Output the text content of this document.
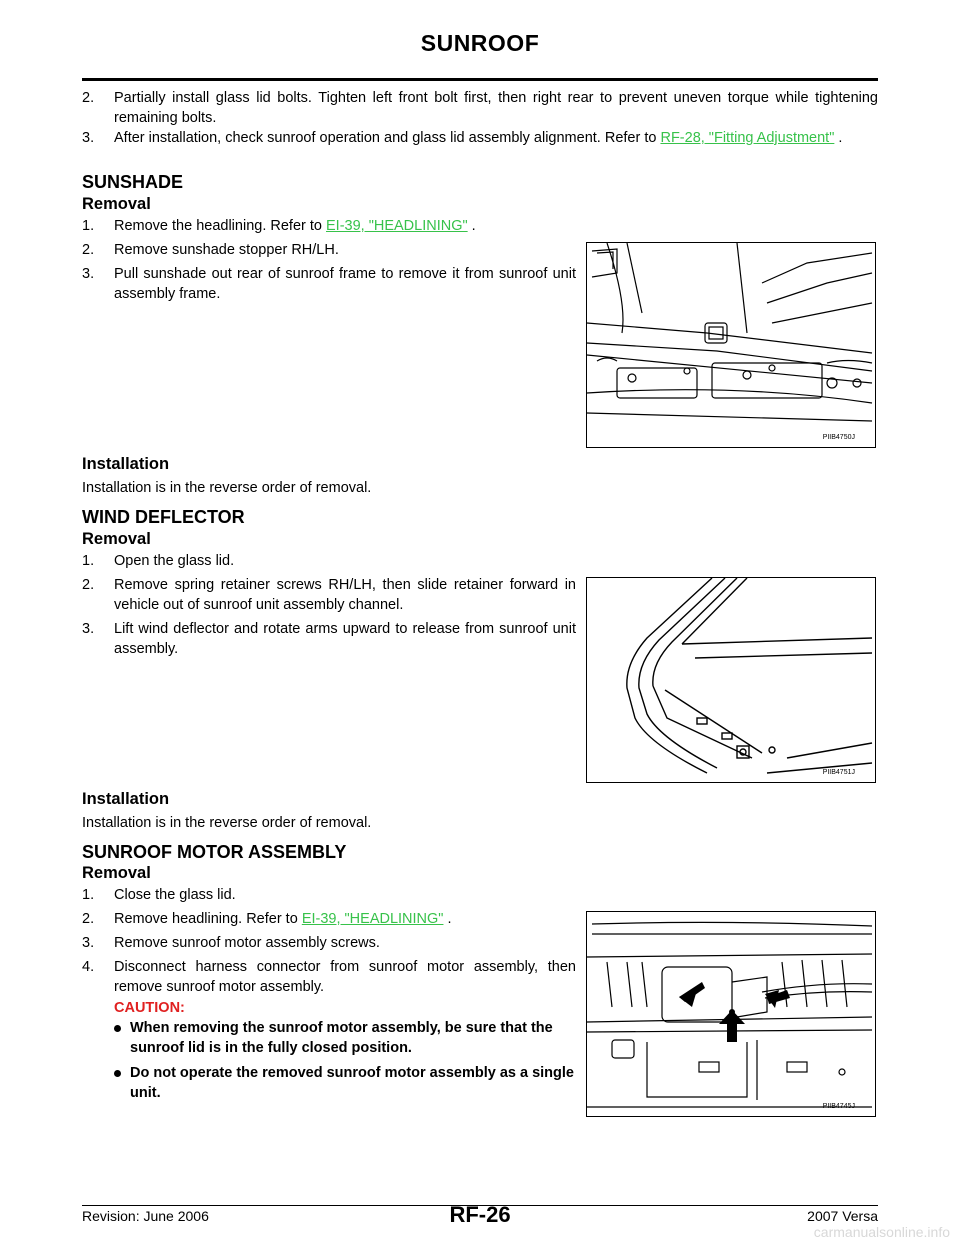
SUNROOF
2. Partially install glass lid bolts. Tighten left front bolt first, then right rear to prevent uneven torque while tightening remaining bolts.
3. After installation, check sunroof operation and glass lid assembly alignment. Refer to RF-28, "Fitting Adjustment" .
SUNSHADE
Removal
1. Remove the headlining. Refer to EI-39, "HEADLINING" .
2. Remove sunshade stopper RH/LH.
3. Pull sunshade out rear of sunroof frame to remove it from sunroof unit assembly frame.
PIIB4750J
Installation
Installation is in the reverse order of removal.
WIND DEFLECTOR
Removal
1. Open the glass lid.
2. Remove spring retainer screws RH/LH, then slide retainer forward in vehicle out of sunroof unit assembly channel.
3. Lift wind deflector and rotate arms upward to release from sunroof unit assembly.
PIIB4751J
Installation
Installation is in the reverse order of removal.
SUNROOF MOTOR ASSEMBLY
Removal
1. Close the glass lid.
2. Remove headlining. Refer to EI-39, "HEADLINING" .
3. Remove sunroof motor assembly screws.
4. Disconnect harness connector from sunroof motor assembly, then remove sunroof motor assembly.
CAUTION:
When removing the sunroof motor assembly, be sure that the sunroof lid is in the fully closed position.
Do not operate the removed sunroof motor assembly as a single unit.
PIIB4745J
Revision: June 2006	RF-26	2007 Versa
carmanualsonline.info
